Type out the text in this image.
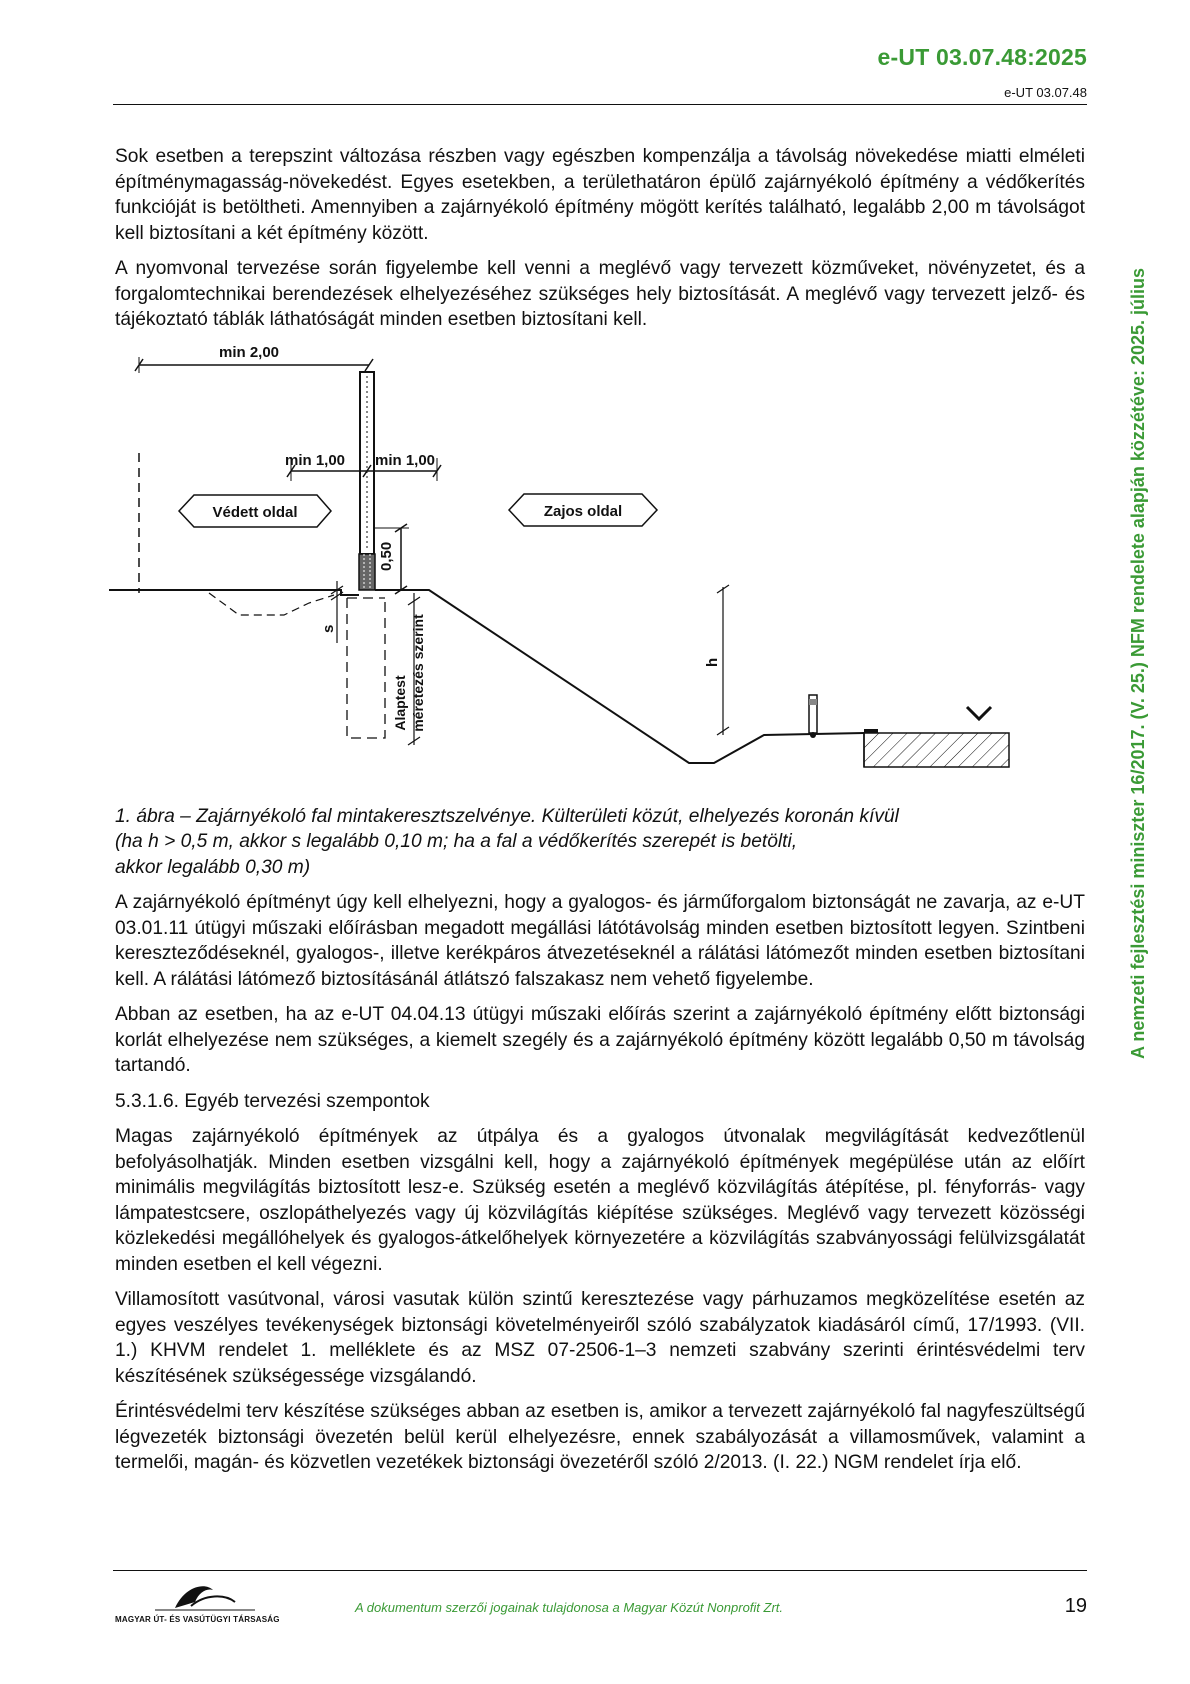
e-UT 03.07.48:2025
e-UT 03.07.48
A nemzeti fejlesztési miniszter 16/2017. (V. 25.) NFM rendelete alapján közzétéve: 2025. július

Sok esetben a terepszint változása részben vagy egészben kompenzálja a távolság növekedése miatti elméleti építménymagasság-növekedést. Egyes esetekben, a területhatáron épülő zajárnyékoló építmény a védőkerítés funkcióját is betöltheti. Amennyiben a zajárnyékoló építmény mögött kerítés található, legalább 2,00 m távolságot kell biztosítani a két építmény között.

A nyomvonal tervezése során figyelembe kell venni a meglévő vagy tervezett közműveket, növényzetet, és a forgalomtechnikai berendezések elhelyezéséhez szükséges hely biztosítását. A meglévő vagy tervezett jelző- és tájékoztató táblák láthatóságát minden esetben biztosítani kell.

min 2,00
min 1,00 min 1,00
Védett oldal	Zajos oldal
0,50
s
Alaptest méretezés szerint	h

1. ábra – Zajárnyékoló fal mintakeresztszelvénye. Külterületi közút, elhelyezés koronán kívül
(ha h > 0,5 m, akkor s legalább 0,10 m; ha a fal a védőkerítés szerepét is betölti,
akkor legalább 0,30 m)

A zajárnyékoló építményt úgy kell elhelyezni, hogy a gyalogos- és járműforgalom biztonságát ne zavarja, az e-UT 03.01.11 útügyi műszaki előírásban megadott megállási látótávolság minden esetben biztosított legyen. Szintbeni kereszteződéseknél, gyalogos-, illetve kerékpáros átvezetéseknél a rálátási látómezőt minden esetben biztosítani kell. A rálátási látómező biztosításánál átlátszó falszakasz nem vehető figyelembe.

Abban az esetben, ha az e-UT 04.04.13 útügyi műszaki előírás szerint a zajárnyékoló építmény előtt biztonsági korlát elhelyezése nem szükséges, a kiemelt szegély és a zajárnyékoló építmény között legalább 0,50 m távolság tartandó.

5.3.1.6. Egyéb tervezési szempontok

Magas zajárnyékoló építmények az útpálya és a gyalogos útvonalak megvilágítását kedvezőtlenül befolyásolhatják. Minden esetben vizsgálni kell, hogy a zajárnyékoló építmények megépülése után az előírt minimális megvilágítás biztosított lesz-e. Szükség esetén a meglévő közvilágítás átépítése, pl. fényforrás- vagy lámpatestcsere, oszlopáthelyezés vagy új közvilágítás kiépítése szükséges. Meglévő vagy tervezett közösségi közlekedési megállóhelyek és gyalogos-átkelőhelyek környezetére a közvilágítás szabványossági felülvizsgálatát minden esetben el kell végezni.

Villamosított vasútvonal, városi vasutak külön szintű keresztezése vagy párhuzamos megközelítése esetén az egyes veszélyes tevékenységek biztonsági követelményeiről szóló szabályzatok kiadásáról című, 17/1993. (VII. 1.) KHVM rendelet 1. melléklete és az MSZ 07-2506-1–3 nemzeti szabvány szerinti érintésvédelmi terv készítésének szükségessége vizsgálandó.

Érintésvédelmi terv készítése szükséges abban az esetben is, amikor a tervezett zajárnyékoló fal nagyfeszültségű légvezeték biztonsági övezetén belül kerül elhelyezésre, ennek szabályozását a villamosművek, valamint a termelői, magán- és közvetlen vezetékek biztonsági övezetéről szóló 2/2013. (I. 22.) NGM rendelet írja elő.

MAGYAR ÚT- ÉS VASÚTÜGYI TÁRSASÁG
A dokumentum szerzői jogainak tulajdonosa a Magyar Közút Nonprofit Zrt.	19
